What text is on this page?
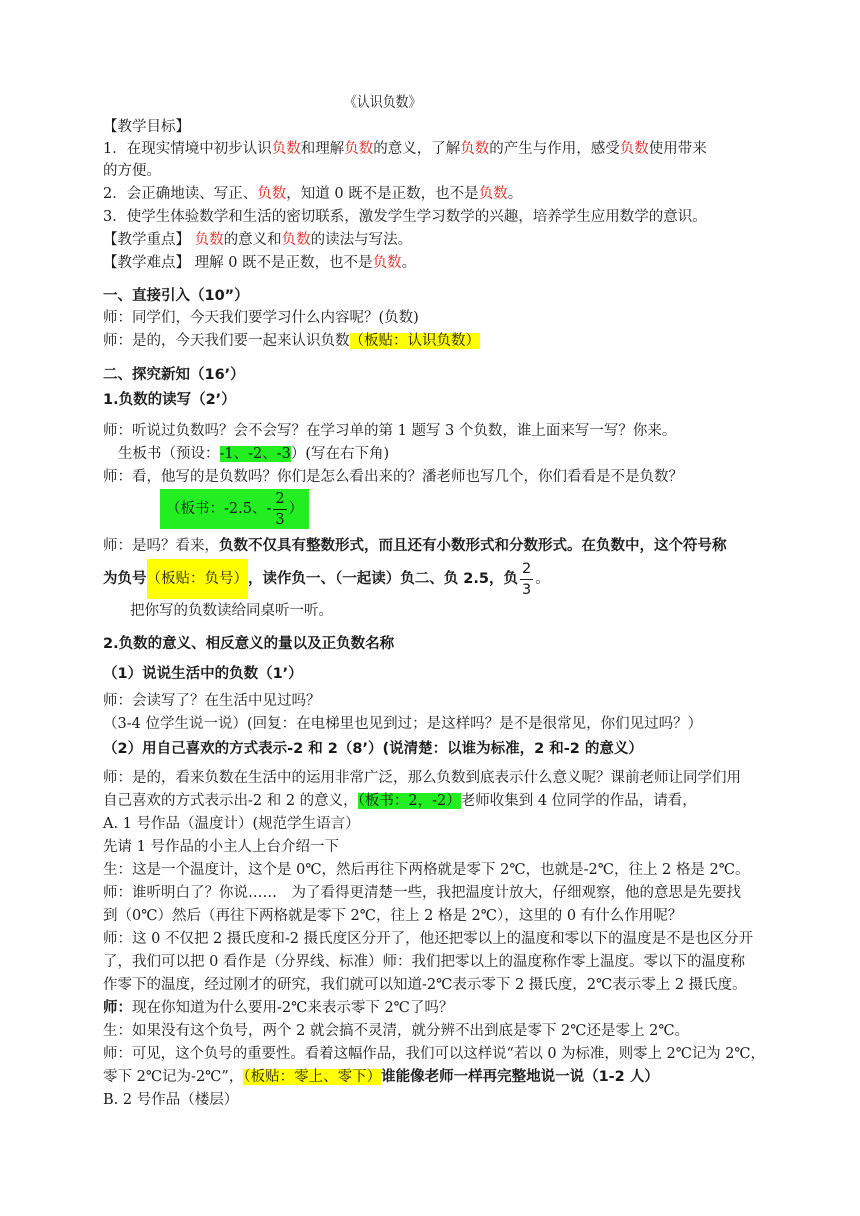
《认识负数》
【教学目标】
1．在现实情境中初步认识负数和理解负数的意义，了解负数的产生与作用，感受负数使用带来
的方便。
2．会正确地读、写正、负数，知道 0 既不是正数，也不是负数。
3．使学生体验数学和生活的密切联系，激发学生学习数学的兴趣，培养学生应用数学的意识。
【教学重点】 负数的意义和负数的读法与写法。
【教学难点】 理解 0 既不是正数，也不是负数。
一、直接引入（10”）
师：同学们，今天我们要学习什么内容呢？(负数)
师：是的，今天我们要一起来认识负数（板贴：认识负数）
二、探究新知（16’）
1.负数的读写（2’）
师：听说过负数吗？会不会写？在学习单的第 1 题写 3 个负数，谁上面来写一写？你来。
生板书（预设：-1、-2、-3）(写在右下角)
师：看，他写的是负数吗？你们是怎么看出来的？潘老师也写几个，你们看看是不是负数？
（板书：-2.5、- $\frac{2}{3}$ ）
师：是吗？看来，负数不仅具有整数形式，而且还有小数形式和分数形式。在负数中，这个符号称
为负号 （板贴：负号） ，读作负一、（一起读）负二、负 2.5，负 $\frac{2}{3}$ 。
把你写的负数读给同桌听一听。
2.负数的意义、相反意义的量以及正负数名称
（1）说说生活中的负数（1’）
师：会读写了？在生活中见过吗？
（3-4 位学生说一说）(回复：在电梯里也见到过；是这样吗？是不是很常见，你们见过吗？）
（2）用自己喜欢的方式表示-2 和 2（8’）(说清楚：以谁为标准，2 和-2 的意义）
师：是的，看来负数在生活中的运用非常广泛，那么负数到底表示什么意义呢？课前老师让同学们用
自己喜欢的方式表示出-2 和 2 的意义，（板书：2，-2）老师收集到 4 位同学的作品，请看，
A. 1 号作品（温度计）(规范学生语言）
先请 1 号作品的小主人上台介绍一下
生：这是一个温度计，这个是 0℃，然后再往下两格就是零下 2℃，也就是-2℃，往上 2 格是 2℃。
师：谁听明白了？你说……　为了看得更清楚一些，我把温度计放大，仔细观察，他的意思是先要找
到（0℃）然后（再往下两格就是零下 2℃，往上 2 格是 2℃），这里的 0 有什么作用呢？
师：这 0 不仅把 2 摄氏度和-2 摄氏度区分开了，他还把零以上的温度和零以下的温度是不是也区分开
了，我们可以把 0 看作是（分界线、标准）师：我们把零以上的温度称作零上温度。零以下的温度称
作零下的温度，经过刚才的研究，我们就可以知道-2℃表示零下 2 摄氏度，2℃表示零上 2 摄氏度。
师：现在你知道为什么要用-2℃来表示零下 2℃了吗？
生：如果没有这个负号，两个 2 就会搞不灵清，就分辨不出到底是零下 2℃还是零上 2℃。
师：可见，这个负号的重要性。看着这幅作品，我们可以这样说“若以 0 为标准，则零上 2℃记为 2℃，
零下 2℃记为-2℃”，（板贴：零上、零下）谁能像老师一样再完整地说一说（1-2 人）
B. 2 号作品（楼层）
